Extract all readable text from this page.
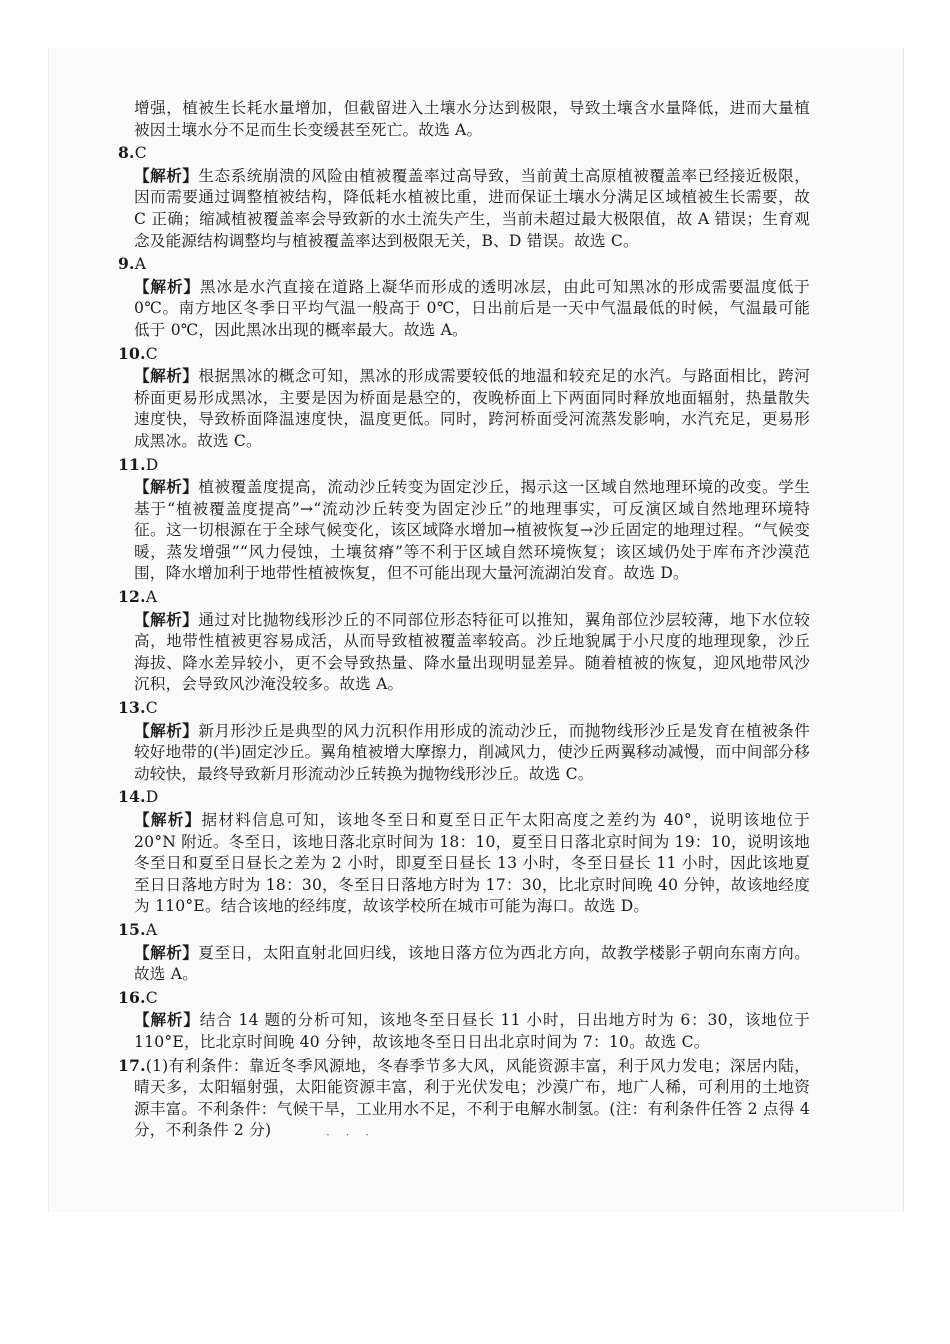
增强，植被生长耗水量增加，但截留进入土壤水分达到极限，导致土壤含水量降低，进而大量植被因土壤水分不足而生长变缓甚至死亡。故选 A。

8.C

【解析】生态系统崩溃的风险由植被覆盖率过高导致，当前黄土高原植被覆盖率已经接近极限，因而需要通过调整植被结构，降低耗水植被比重，进而保证土壤水分满足区域植被生长需要，故 C 正确；缩减植被覆盖率会导致新的水土流失产生，当前未超过最大极限值，故 A 错误；生育观念及能源结构调整均与植被覆盖率达到极限无关，B、D 错误。故选 C。

9.A

【解析】黑冰是水汽直接在道路上凝华而形成的透明冰层，由此可知黑冰的形成需要温度低于 0℃。南方地区冬季日平均气温一般高于 0℃，日出前后是一天中气温最低的时候，气温最可能低于 0℃，因此黑冰出现的概率最大。故选 A。

10.C

【解析】根据黑冰的概念可知，黑冰的形成需要较低的地温和较充足的水汽。与路面相比，跨河桥面更易形成黑冰，主要是因为桥面是悬空的，夜晚桥面上下两面同时释放地面辐射，热量散失速度快，导致桥面降温速度快，温度更低。同时，跨河桥面受河流蒸发影响，水汽充足，更易形成黑冰。故选 C。

11.D

【解析】植被覆盖度提高，流动沙丘转变为固定沙丘，揭示这一区域自然地理环境的改变。学生基于“植被覆盖度提高”→“流动沙丘转变为固定沙丘”的地理事实，可反演区域自然地理环境特征。这一切根源在于全球气候变化，该区域降水增加→植被恢复→沙丘固定的地理过程。“气候变暖，蒸发增强”“风力侵蚀，土壤贫瘠”等不利于区域自然环境恢复；该区域仍处于库布齐沙漠范围，降水增加利于地带性植被恢复，但不可能出现大量河流湖泊发育。故选 D。

12.A

【解析】通过对比抛物线形沙丘的不同部位形态特征可以推知，翼角部位沙层较薄，地下水位较高，地带性植被更容易成活，从而导致植被覆盖率较高。沙丘地貌属于小尺度的地理现象，沙丘海拔、降水差异较小，更不会导致热量、降水量出现明显差异。随着植被的恢复，迎风地带风沙沉积，会导致风沙淹没较多。故选 A。

13.C

【解析】新月形沙丘是典型的风力沉积作用形成的流动沙丘，而抛物线形沙丘是发育在植被条件较好地带的(半)固定沙丘。翼角植被增大摩擦力，削减风力，使沙丘两翼移动减慢，而中间部分移动较快，最终导致新月形流动沙丘转换为抛物线形沙丘。故选 C。

14.D

【解析】据材料信息可知，该地冬至日和夏至日正午太阳高度之差约为 40°，说明该地位于 20°N 附近。冬至日，该地日落北京时间为 18：10，夏至日日落北京时间为 19：10，说明该地冬至日和夏至日昼长之差为 2 小时，即夏至日昼长 13 小时，冬至日昼长 11 小时，因此该地夏至日日落地方时为 18：30，冬至日日落地方时为 17：30，比北京时间晚 40 分钟，故该地经度为 110°E。结合该地的经纬度，故该学校所在城市可能为海口。故选 D。

15.A

【解析】夏至日，太阳直射北回归线，该地日落方位为西北方向，故教学楼影子朝向东南方向。故选 A。

16.C

【解析】结合 14 题的分析可知，该地冬至日昼长 11 小时，日出地方时为 6：30，该地位于 110°E，比北京时间晚 40 分钟，故该地冬至日日出北京时间为 7：10。故选 C。

17.(1)有利条件：靠近冬季风源地，冬春季节多大风，风能资源丰富，利于风力发电；深居内陆，晴天多，太阳辐射强，太阳能资源丰富，利于光伏发电；沙漠广布，地广人稀，可利用的土地资源丰富。不利条件：气候干旱，工业用水不足，不利于电解水制氢。(注：有利条件任答 2 点得 4 分，不利条件 2 分)	· · ·
